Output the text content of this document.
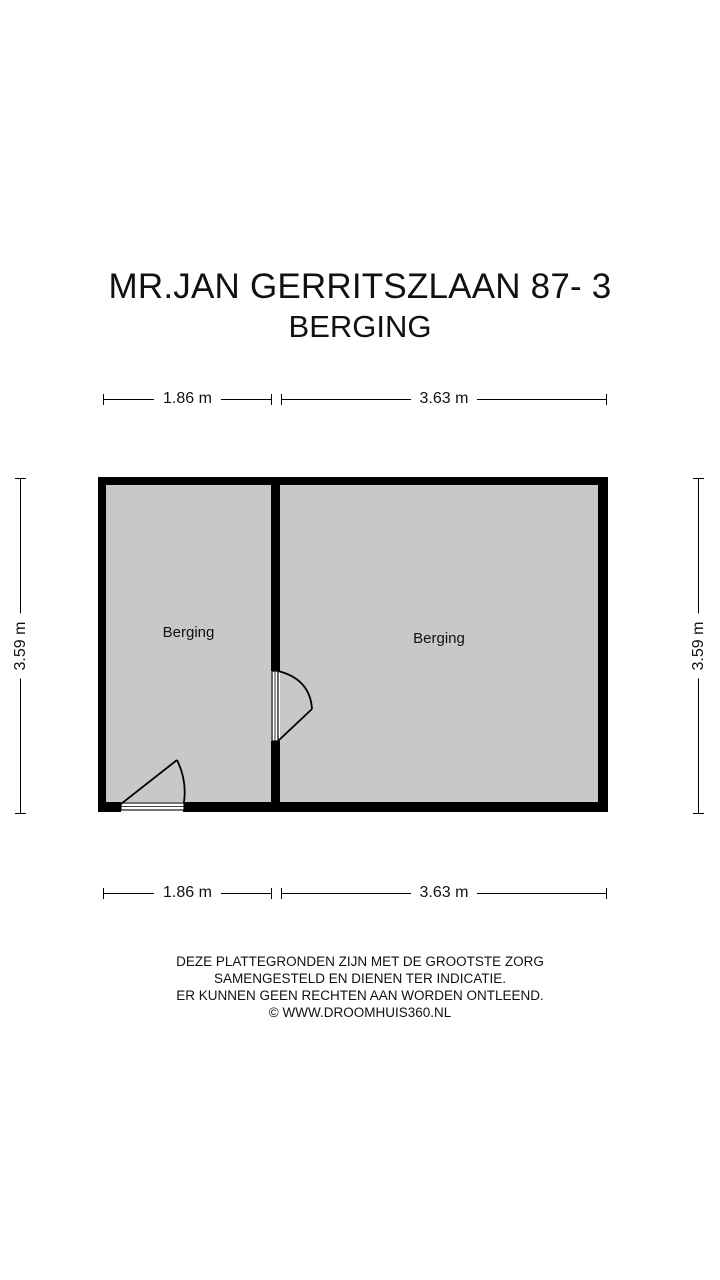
MR.JAN GERRITSZLAAN 87- 3
BERGING
1.86 m	3.63 m
3.59 m	3.59 m
Berging	Berging
1.86 m	3.63 m
DEZE PLATTEGRONDEN ZIJN MET DE GROOTSTE ZORG
SAMENGESTELD EN DIENEN TER INDICATIE.
ER KUNNEN GEEN RECHTEN AAN WORDEN ONTLEEND.
© WWW.DROOMHUIS360.NL
